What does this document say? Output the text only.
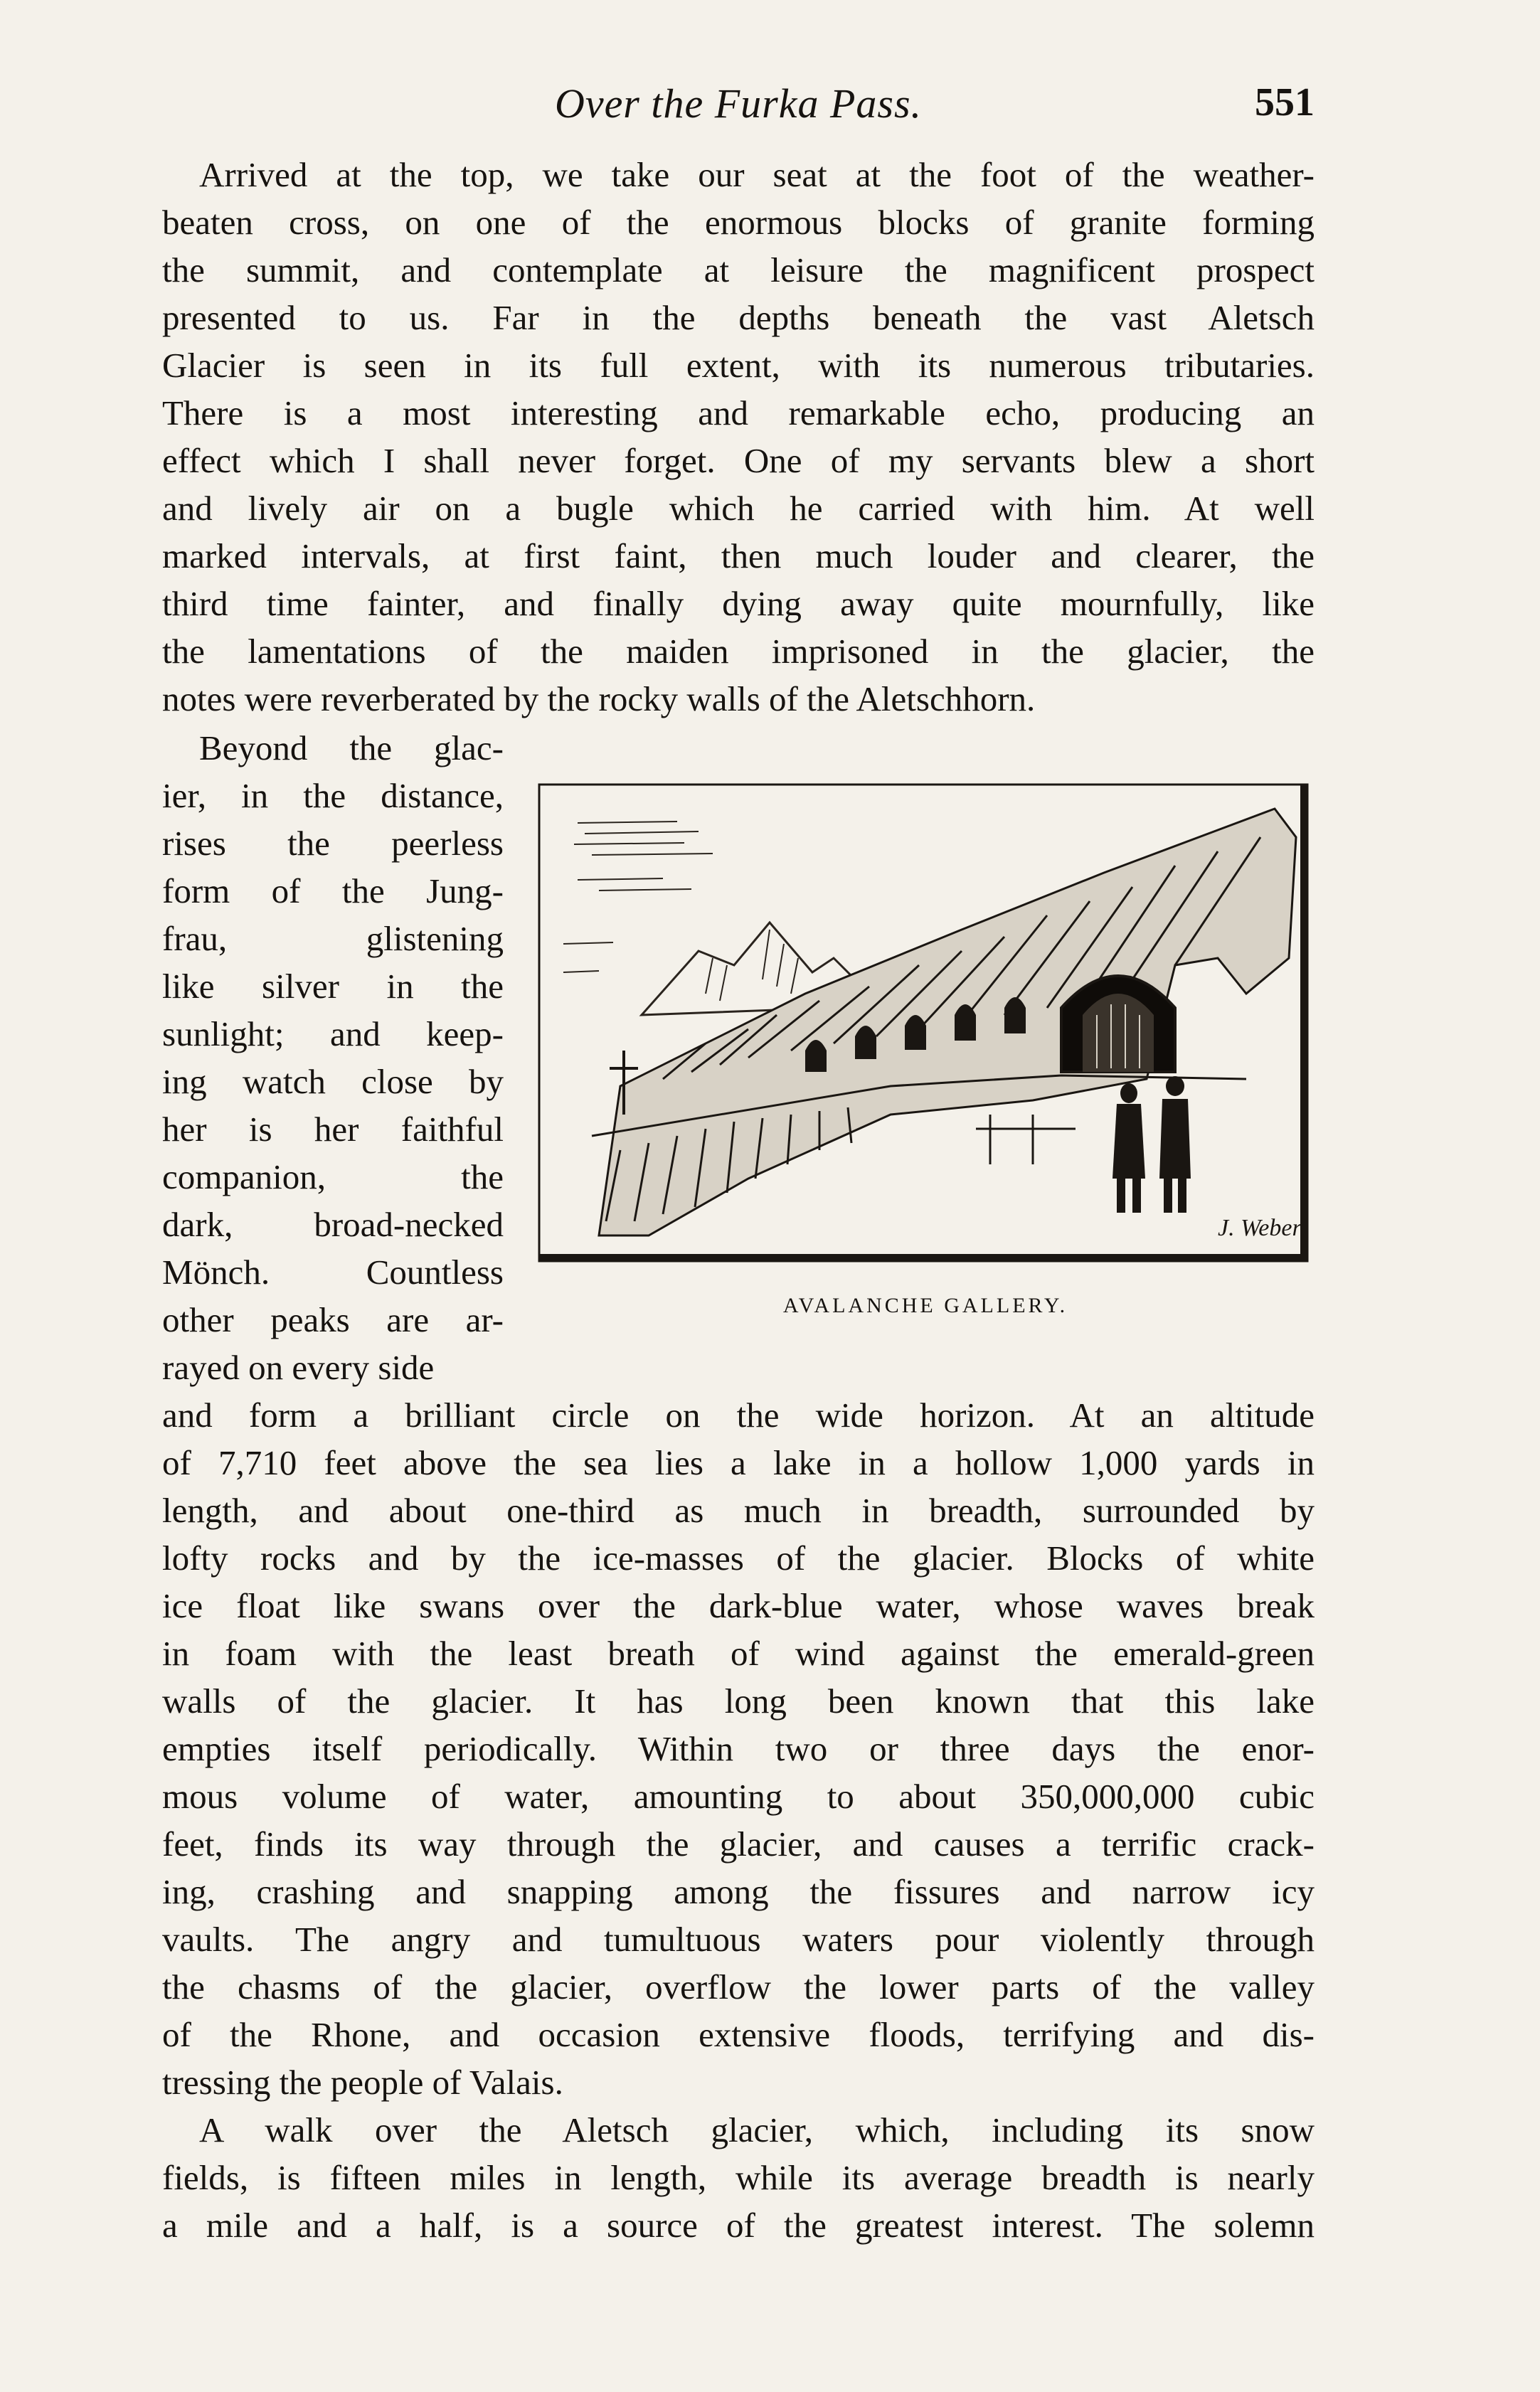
Over the Furka Pass.	551
Arrived at the top, we take our seat at the foot of the weather-
beaten cross, on one of the enormous blocks of granite forming
the summit, and contemplate at leisure the magnificent prospect
presented to us. Far in the depths beneath the vast Aletsch
Glacier is seen in its full extent, with its numerous tributaries.
There is a most interesting and remarkable echo, producing an
effect which I shall never forget. One of my servants blew a short
and lively air on a bugle which he carried with him. At well
marked intervals, at first faint, then much louder and clearer, the
third time fainter, and finally dying away quite mournfully, like
the lamentations of the maiden imprisoned in the glacier, the
notes were reverberated by the rocky walls of the Aletschhorn.
Beyond the glac-
ier, in the distance,
rises the peerless
form of the Jung-
frau, glistening
like silver in the
sunlight; and keep-
ing watch close by
her is her faithful
companion, the
dark, broad-necked
Mönch. Countless
other peaks are ar-
rayed on every side
J. Weber
AVALANCHE GALLERY.
and form a brilliant circle on the wide horizon. At an altitude
of 7,710 feet above the sea lies a lake in a hollow 1,000 yards in
length, and about one-third as much in breadth, surrounded by
lofty rocks and by the ice-masses of the glacier. Blocks of white
ice float like swans over the dark-blue water, whose waves break
in foam with the least breath of wind against the emerald-green
walls of the glacier. It has long been known that this lake
empties itself periodically. Within two or three days the enor-
mous volume of water, amounting to about 350,000,000 cubic
feet, finds its way through the glacier, and causes a terrific crack-
ing, crashing and snapping among the fissures and narrow icy
vaults. The angry and tumultuous waters pour violently through
the chasms of the glacier, overflow the lower parts of the valley
of the Rhone, and occasion extensive floods, terrifying and dis-
tressing the people of Valais.
A walk over the Aletsch glacier, which, including its snow
fields, is fifteen miles in length, while its average breadth is nearly
a mile and a half, is a source of the greatest interest. The solemn
